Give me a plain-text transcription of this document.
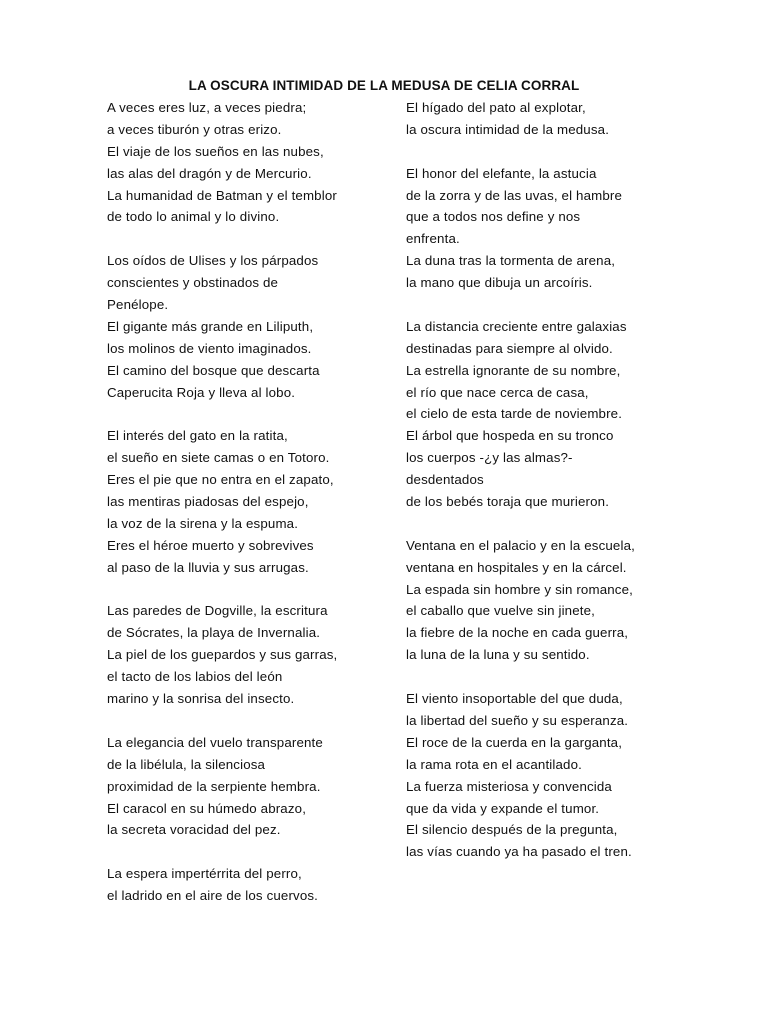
LA OSCURA INTIMIDAD DE LA MEDUSA DE CELIA CORRAL
A veces eres luz, a veces piedra;
a veces tiburón y otras erizo.
El viaje de los sueños en las nubes,
las alas del dragón y de Mercurio.
La humanidad de Batman y el temblor
de todo lo animal y lo divino.
Los oídos de Ulises y los párpados
conscientes y obstinados de
Penélope.
El gigante más grande en Liliputh,
los molinos de viento imaginados.
El camino del bosque que descarta
Caperucita Roja y lleva al lobo.
El interés del gato en la ratita,
el sueño en siete camas o en Totoro.
Eres el pie que no entra en el zapato,
las mentiras piadosas del espejo,
la voz de la sirena y la espuma.
Eres el héroe muerto y sobrevives
al paso de la lluvia y sus arrugas.
Las paredes de Dogville, la escritura
de Sócrates, la playa de Invernalia.
La piel de los guepardos y sus garras,
el tacto de los labios del león
marino y la sonrisa del insecto.
La elegancia del vuelo transparente
de la libélula, la silenciosa
proximidad de la serpiente hembra.
El caracol en su húmedo abrazo,
la secreta voracidad del pez.
La espera impertérrita del perro,
el ladrido en el aire de los cuervos.
El hígado del pato al explotar,
la oscura intimidad de la medusa.
El honor del elefante, la astucia
de la zorra y de las uvas, el hambre
que a todos nos define y nos
enfrenta.
La duna tras la tormenta de arena,
la mano que dibuja un arcoíris.
La distancia creciente entre galaxias
destinadas para siempre al olvido.
La estrella ignorante de su nombre,
el río que nace cerca de casa,
el cielo de esta tarde de noviembre.
El árbol que hospeda en su tronco
los cuerpos -¿y las almas?-
desdentados
de los bebés toraja que murieron.
Ventana en el palacio y en la escuela,
ventana en hospitales y en la cárcel.
La espada sin hombre y sin romance,
el caballo que vuelve sin jinete,
la fiebre de la noche en cada guerra,
la luna de la luna y su sentido.
El viento insoportable del que duda,
la libertad del sueño y su esperanza.
El roce de la cuerda en la garganta,
la rama rota en el acantilado.
La fuerza misteriosa y convencida
que da vida y expande el tumor.
El silencio después de la pregunta,
las vías cuando ya ha pasado el tren.
